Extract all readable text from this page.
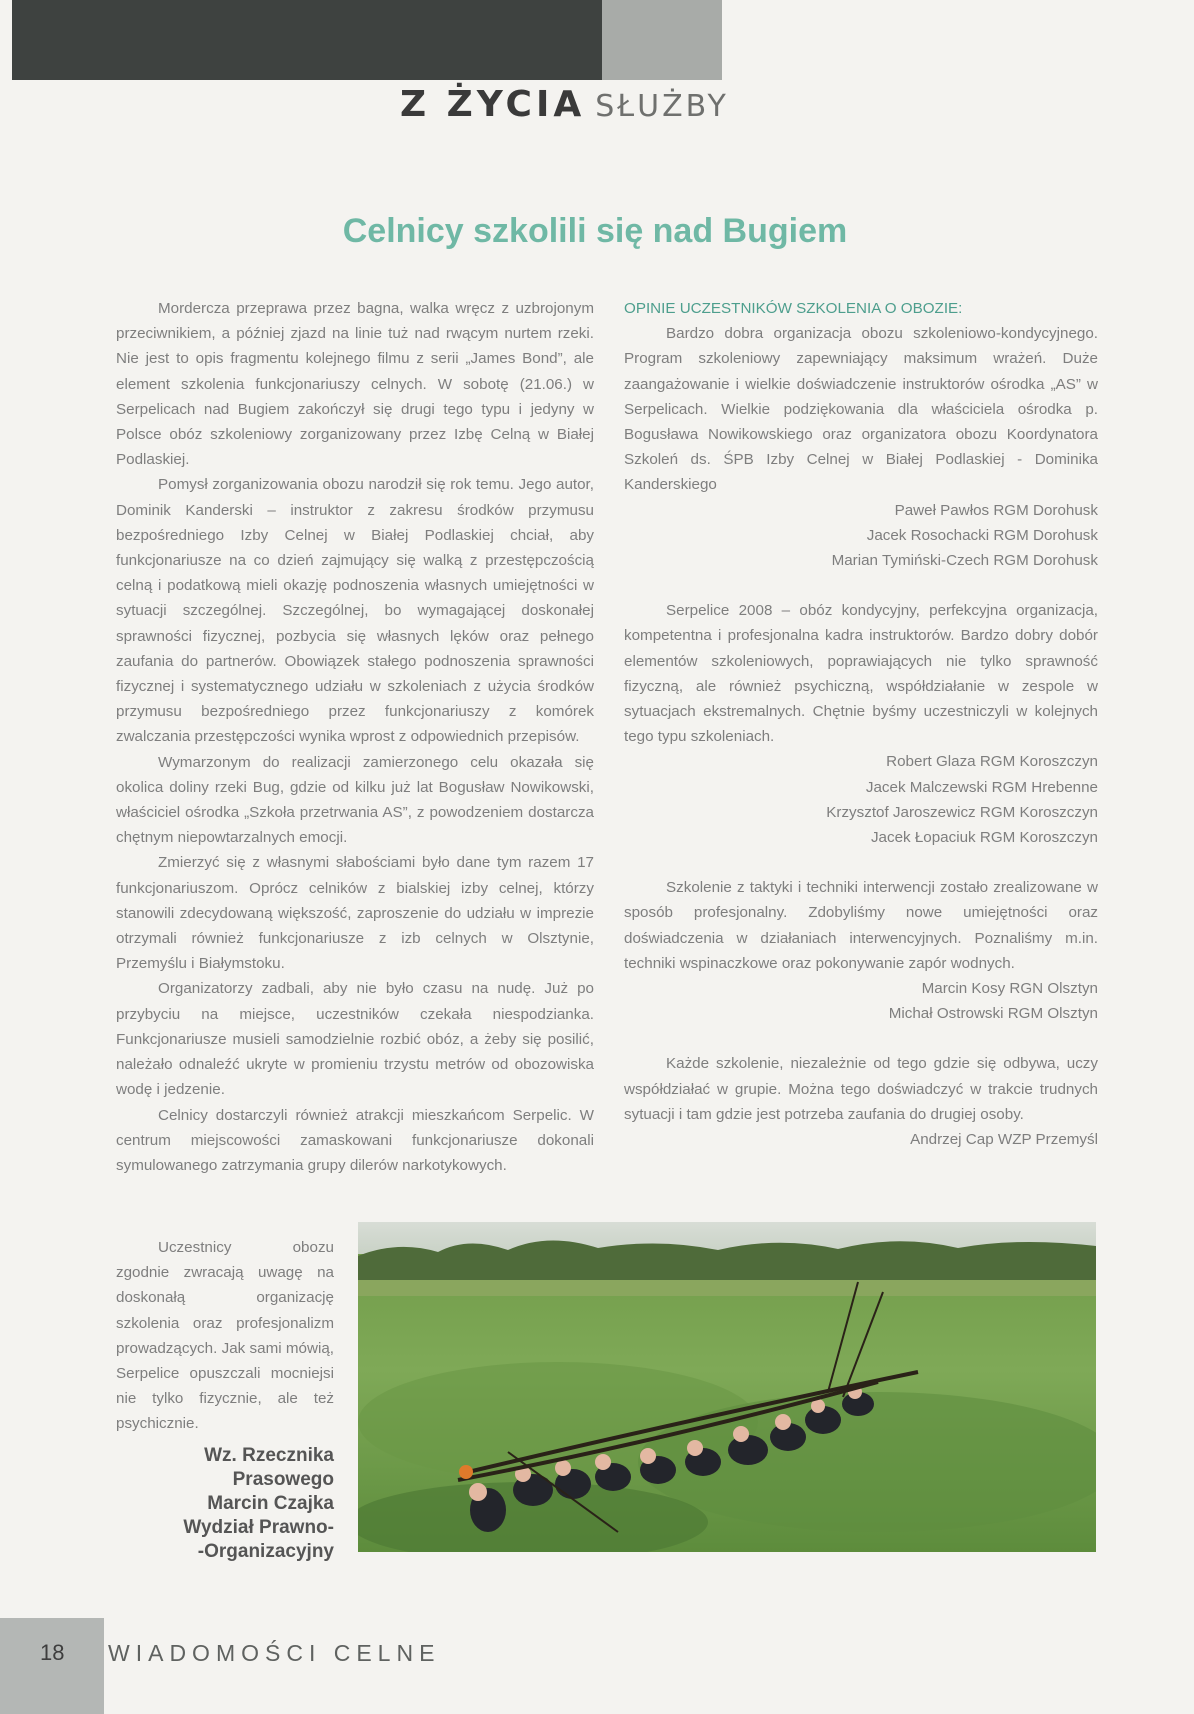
Z ŻYCIA SŁUŻBY
Celnicy szkolili się nad Bugiem

Mordercza przeprawa przez bagna, walka wręcz z uzbrojonym przeciwnikiem, a później zjazd na linie tuż nad rwącym nurtem rzeki. Nie jest to opis fragmentu kolejnego filmu z serii „James Bond”, ale element szkolenia funkcjonariuszy celnych. W sobotę (21.06.) w Serpelicach nad Bugiem zakończył się drugi tego typu i jedyny w Polsce obóz szkoleniowy zorganizowany przez Izbę Celną w Białej Podlaskiej.

Pomysł zorganizowania obozu narodził się rok temu. Jego autor, Dominik Kanderski – instruktor z zakresu środków przymusu bezpośredniego Izby Celnej w Białej Podlaskiej chciał, aby funkcjonariusze na co dzień zajmujący się walką z przestępczością celną i podatkową mieli okazję podnoszenia własnych umiejętności w sytuacji szczególnej. Szczególnej, bo wymagającej doskonałej sprawności fizycznej, pozbycia się własnych lęków oraz pełnego zaufania do partnerów. Obowiązek stałego podnoszenia sprawności fizycznej i systematycznego udziału w szkoleniach z użycia środków przymusu bezpośredniego przez funkcjonariuszy z komórek zwalczania przestępczości wynika wprost z odpowiednich przepisów.

Wymarzonym do realizacji zamierzonego celu okazała się okolica doliny rzeki Bug, gdzie od kilku już lat Bogusław Nowikowski, właściciel ośrodka „Szkoła przetrwania AS”, z powodzeniem dostarcza chętnym niepowtarzalnych emocji.

Zmierzyć się z własnymi słabościami było dane tym razem 17 funkcjonariuszom. Oprócz celników z bialskiej izby celnej, którzy stanowili zdecydowaną większość, zaproszenie do udziału w imprezie otrzymali również funkcjonariusze z izb celnych w Olsztynie, Przemyślu i Białymstoku.

Organizatorzy zadbali, aby nie było czasu na nudę. Już po przybyciu na miejsce, uczestników czekała niespodzianka. Funkcjonariusze musieli samodzielnie rozbić obóz, a żeby się posilić, należało odnaleźć ukryte w promieniu trzystu metrów od obozowiska wodę i jedzenie.

Celnicy dostarczyli również atrakcji mieszkańcom Serpelic. W centrum miejscowości zamaskowani funkcjonariusze dokonali symulowanego zatrzymania grupy dilerów narkotykowych.

Uczestnicy obozu zgodnie zwracają uwagę na doskonałą organizację szkolenia oraz profesjonalizm prowadzących. Jak sami mówią, Serpelice opuszczali mocniejsi nie tylko fizycznie, ale też psychicznie.

Wz. Rzecznika
Prasowego
Marcin Czajka
Wydział Prawno-
-Organizacyjny
OPINIE UCZESTNIKÓW SZKOLENIA O OBOZIE:

Bardzo dobra organizacja obozu szkoleniowo-kondycyjnego. Program szkoleniowy zapewniający maksimum wrażeń. Duże zaangażowanie i wielkie doświadczenie instruktorów ośrodka „AS” w Serpelicach. Wielkie podziękowania dla właściciela ośrodka p. Bogusława Nowikowskiego oraz organizatora obozu Koordynatora Szkoleń ds. ŚPB Izby Celnej w Białej Podlaskiej - Dominika Kanderskiego

Paweł Pawłos RGM Dorohusk
Jacek Rosochacki RGM Dorohusk
Marian Tymiński-Czech RGM Dorohusk

Serpelice 2008 – obóz kondycyjny, perfekcyjna organizacja, kompetentna i profesjonalna kadra instruktorów. Bardzo dobry dobór elementów szkoleniowych, poprawiających nie tylko sprawność fizyczną, ale również psychiczną, współdziałanie w zespole w sytuacjach ekstremalnych. Chętnie byśmy uczestniczyli w kolejnych tego typu szkoleniach.

Robert Glaza RGM Koroszczyn
Jacek Malczewski RGM Hrebenne
Krzysztof Jaroszewicz RGM Koroszczyn
Jacek Łopaciuk RGM Koroszczyn

Szkolenie z taktyki i techniki interwencji zostało zrealizowane w sposób profesjonalny. Zdobyliśmy nowe umiejętności oraz doświadczenia w działaniach interwencyjnych. Poznaliśmy m.in. techniki wspinaczkowe oraz pokonywanie zapór wodnych.

Marcin Kosy RGN Olsztyn
Michał Ostrowski RGM Olsztyn

Każde szkolenie, niezależnie od tego gdzie się odbywa, uczy współdziałać w grupie. Można tego doświadczyć w trakcie trudnych sytuacji i tam gdzie jest potrzeba zaufania do drugiej osoby.

Andrzej Cap WZP Przemyśl
18 WIADOMOŚCI CELNE
